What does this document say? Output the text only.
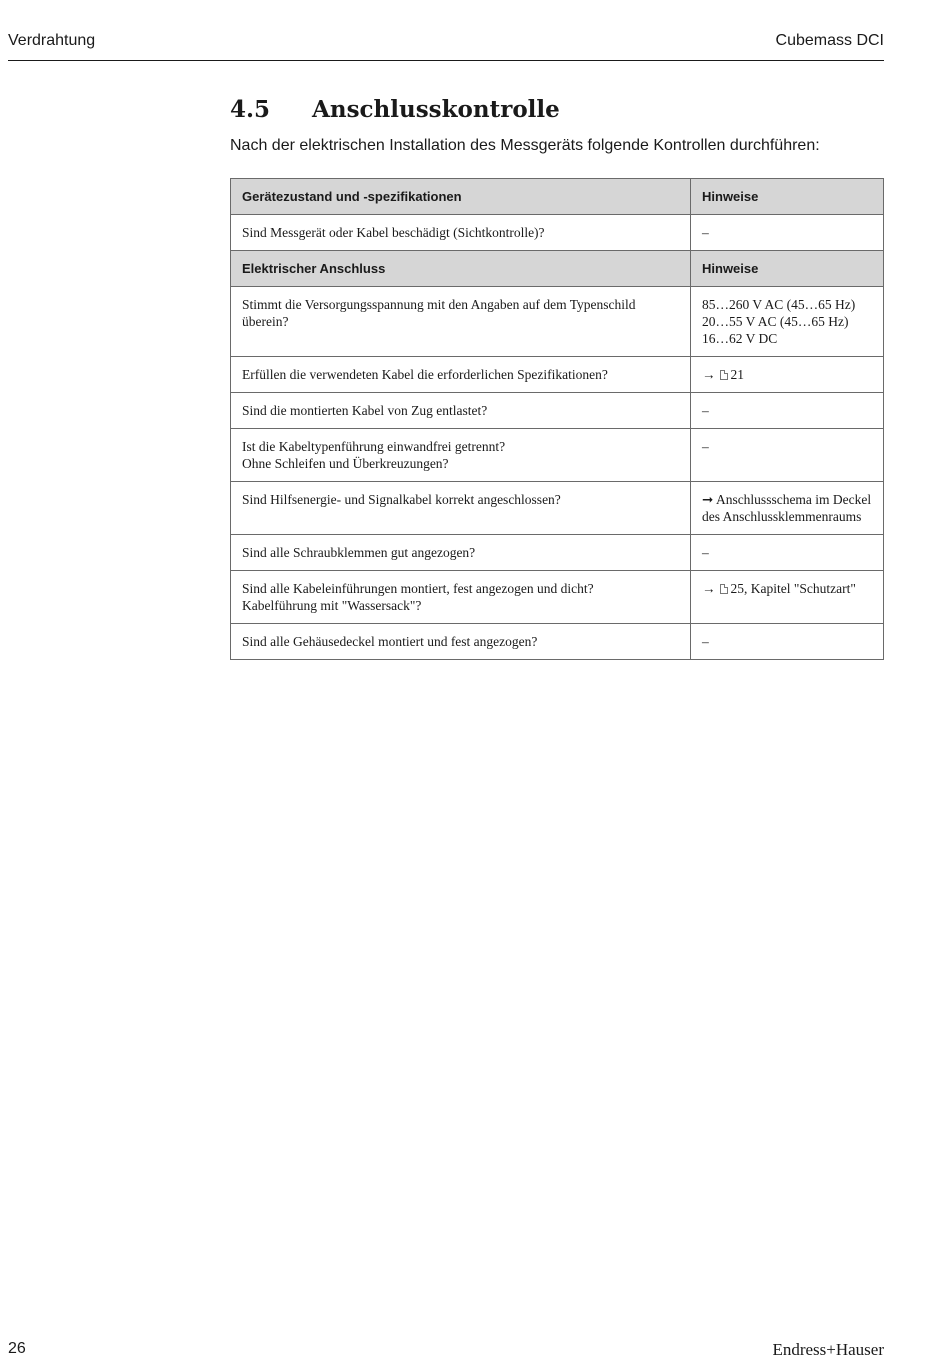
Verdrahtung	Cubemass DCI
4.5 Anschlusskontrolle
Nach der elektrischen Installation des Messgeräts folgende Kontrollen durchführen:
Gerätezustand und -spezifikationen	Hinweise

Sind Messgerät oder Kabel beschädigt (Sichtkontrolle)?	–

Elektrischer Anschluss	Hinweise

Stimmt die Versorgungsspannung mit den Angaben auf dem Typenschild überein?	85…260 V AC (45…65 Hz)
20…55 V AC (45…65 Hz)
16…62 V DC

Erfüllen die verwendeten Kabel die erforderlichen Spezifikationen?	→ 21

Sind die montierten Kabel von Zug entlastet?	–

Ist die Kabeltypenführung einwandfrei getrennt?
Ohne Schleifen und Überkreuzungen?	–

Sind Hilfsenergie- und Signalkabel korrekt angeschlossen?	➞ Anschlussschema im Deckel
des Anschlussklemmenraums

Sind alle Schraubklemmen gut angezogen?	–

Sind alle Kabeleinführungen montiert, fest angezogen und dicht?
Kabelführung mit "Wassersack"?	→ 25, Kapitel "Schutzart"

Sind alle Gehäusedeckel montiert und fest angezogen?	–
26	Endress+Hauser
